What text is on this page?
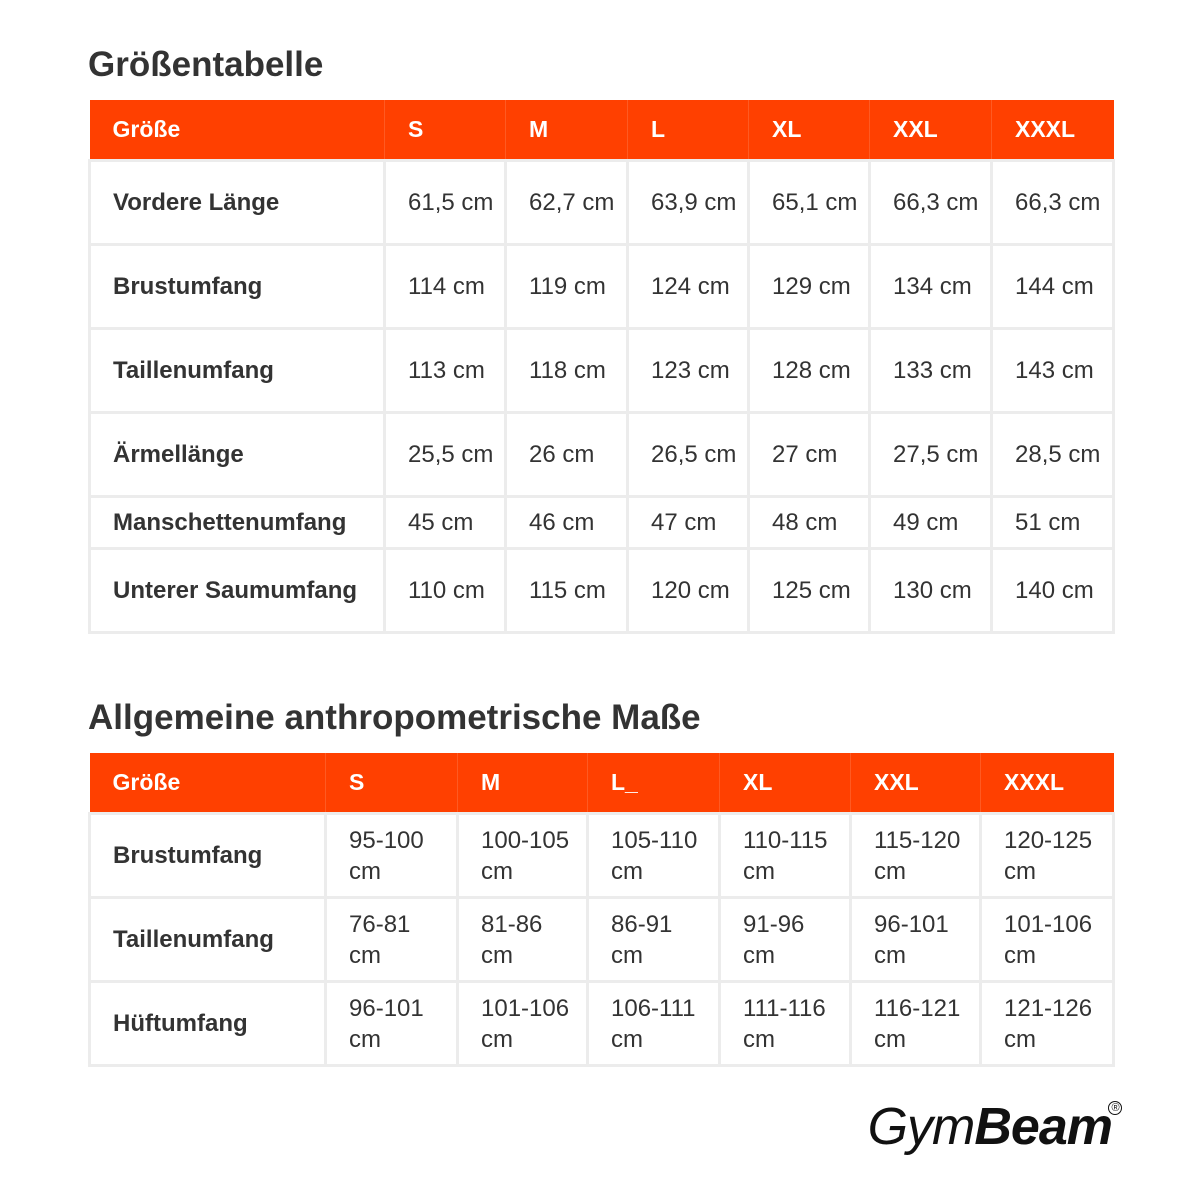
Größentabelle
Größe	S	M	L	XL	XXL	XXXL
Vordere Länge	61,5 cm	62,7 cm	63,9 cm	65,1 cm	66,3 cm	66,3 cm
Brustumfang	114 cm	119 cm	124 cm	129 cm	134 cm	144 cm
Taillenumfang	113 cm	118 cm	123 cm	128 cm	133 cm	143 cm
Ärmellänge	25,5 cm	26 cm	26,5 cm	27 cm	27,5 cm	28,5 cm
Manschettenumfang	45 cm	46 cm	47 cm	48 cm	49 cm	51 cm
Unterer Saumumfang	110 cm	115 cm	120 cm	125 cm	130 cm	140 cm
Allgemeine anthropometrische Maße
Größe	S	M	L_	XL	XXL	XXXL
Brustumfang	95-100 cm	100-105 cm	105-110 cm	110-115 cm	115-120 cm	120-125 cm
Taillenumfang	76-81 cm	81-86 cm	86-91 cm	91-96 cm	96-101 cm	101-106 cm
Hüftumfang	96-101 cm	101-106 cm	106-111 cm	111-116 cm	116-121 cm	121-126 cm
GymBeam ®
